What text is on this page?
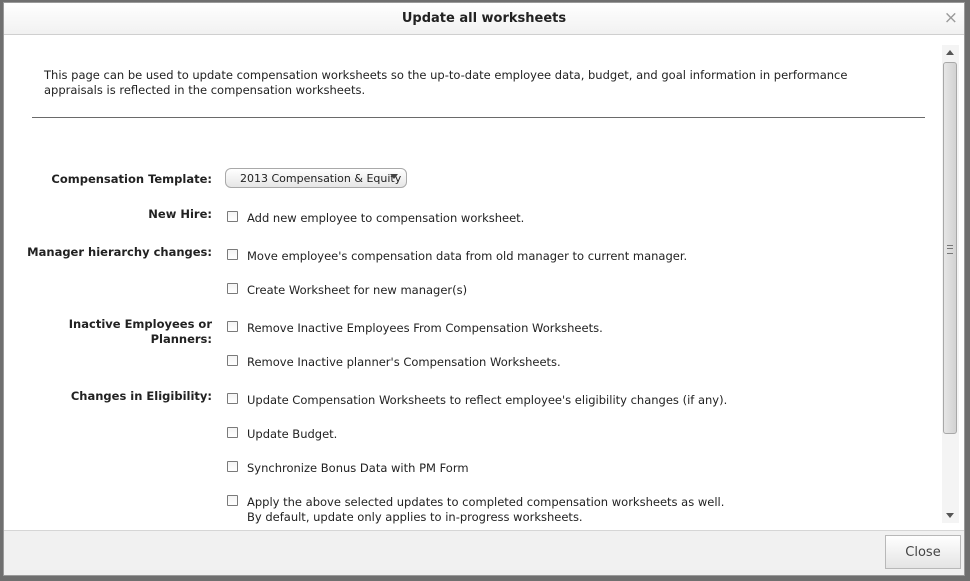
Update all worksheets	×
This page can be used to update compensation worksheets so the up-to-date employee data, budget, and goal information in performance appraisals is reflected in the compensation worksheets.
Compensation Template:	2013 Compensation & Equity
New Hire:	Add new employee to compensation worksheet.
Manager hierarchy changes:	Move employee's compensation data from old manager to current manager.
Create Worksheet for new manager(s)
Inactive Employees or
Planners:
Remove Inactive Employees From Compensation Worksheets.
Remove Inactive planner's Compensation Worksheets.
Changes in Eligibility:	Update Compensation Worksheets to reflect employee's eligibility changes (if any).
Update Budget.
Synchronize Bonus Data with PM Form
Apply the above selected updates to completed compensation worksheets as well.
By default, update only applies to in-progress worksheets.
Close
